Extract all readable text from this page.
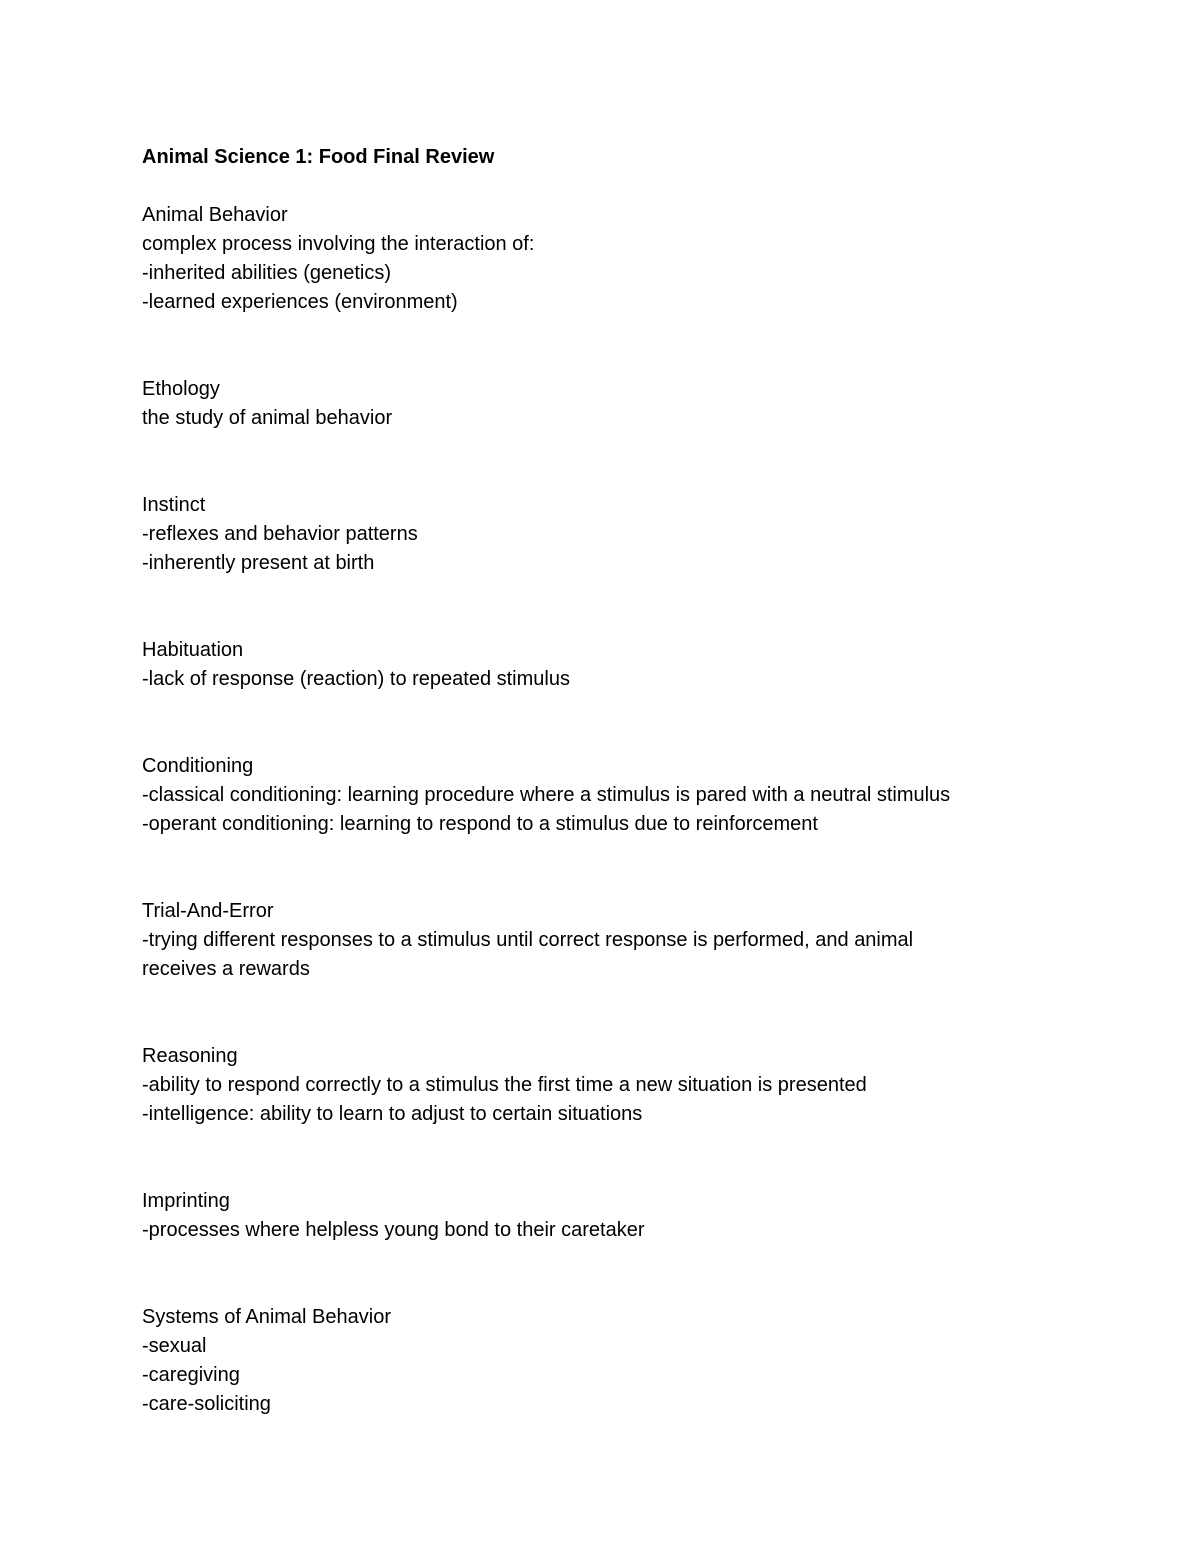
Animal Science 1: Food Final Review
Animal Behavior
complex process involving the interaction of:
-inherited abilities (genetics)
-learned experiences (environment)
Ethology
the study of animal behavior
Instinct
-reflexes and behavior patterns
-inherently present at birth
Habituation
-lack of response (reaction) to repeated stimulus
Conditioning
-classical conditioning: learning procedure where a stimulus is pared with a neutral stimulus
-operant conditioning: learning to respond to a stimulus due to reinforcement
Trial-And-Error
-trying different responses to a stimulus until correct response is performed, and animal
receives a rewards
Reasoning
-ability to respond correctly to a stimulus the first time a new situation is presented
-intelligence: ability to learn to adjust to certain situations
Imprinting
-processes where helpless young bond to their caretaker
Systems of Animal Behavior
-sexual
-caregiving
-care-soliciting
